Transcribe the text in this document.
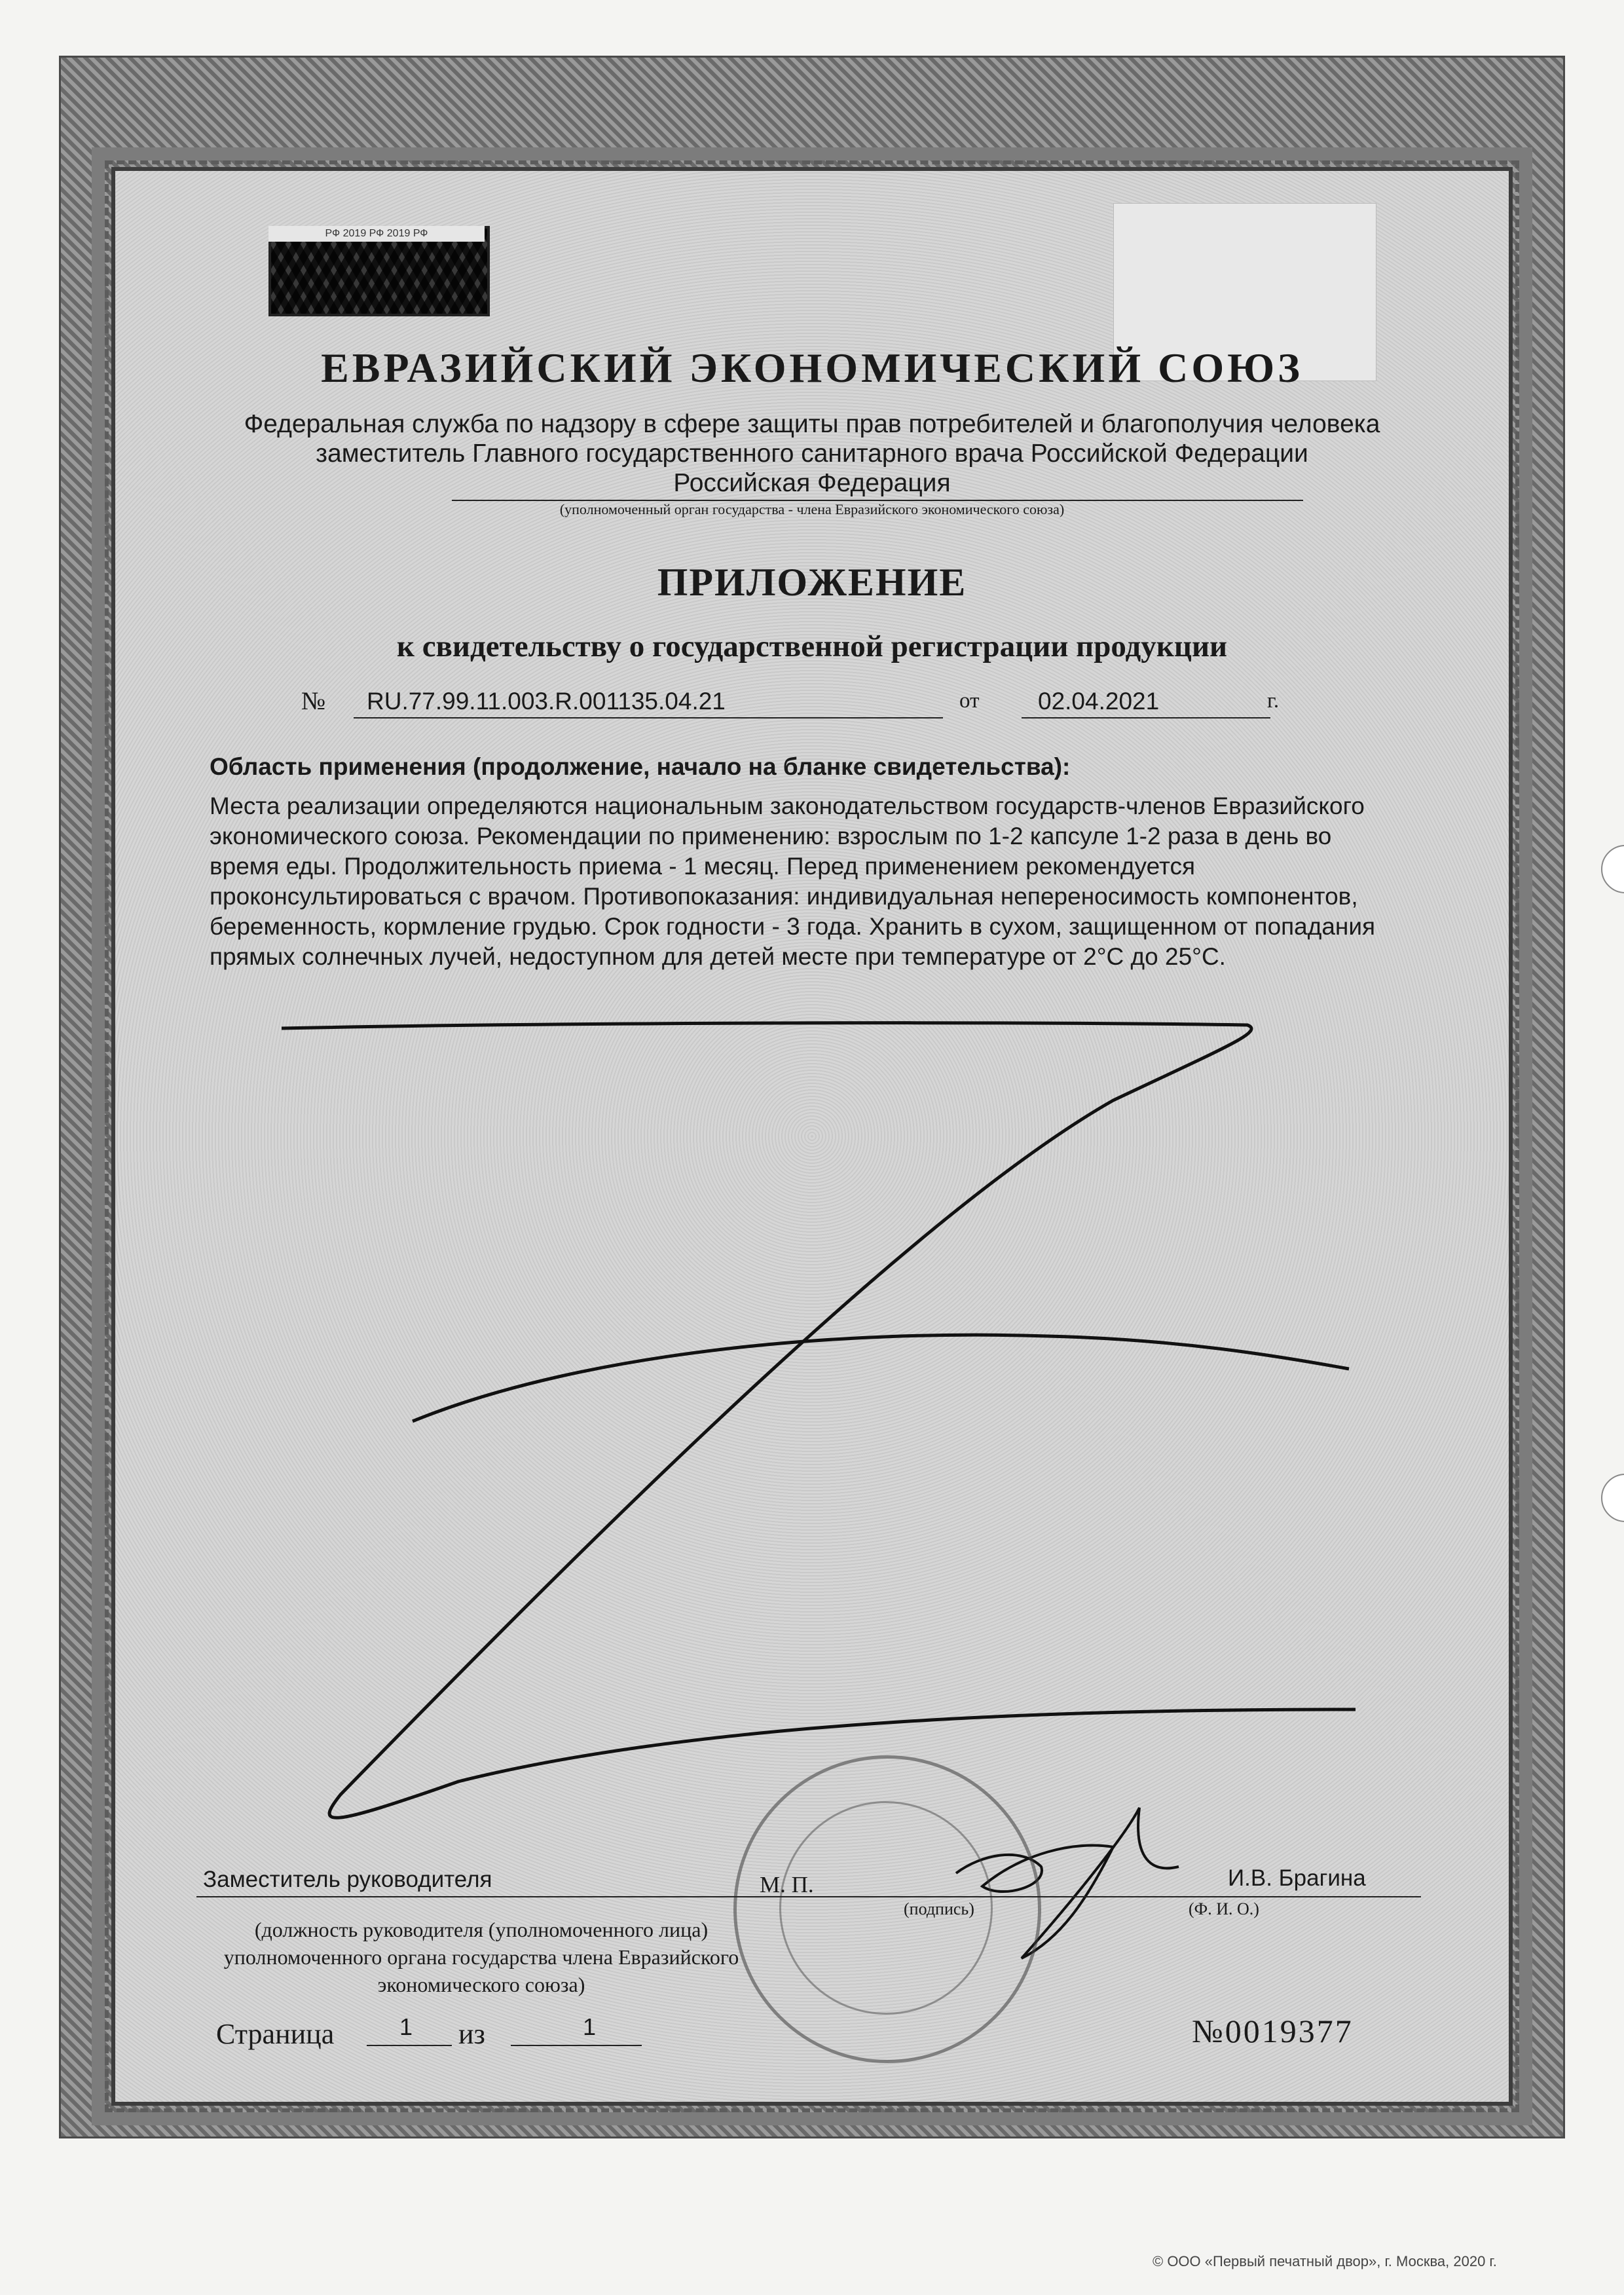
РФ 2019 РФ 2019 РФ
ЕВРАЗИЙСКИЙ ЭКОНОМИЧЕСКИЙ СОЮЗ
Федеральная служба по надзору в сфере защиты прав потребителей и благополучия человека
заместитель Главного государственного санитарного врача Российской Федерации
Российская Федерация
(уполномоченный орган государства - члена Евразийского экономического союза)
ПРИЛОЖЕНИЕ
к свидетельству о государственной регистрации продукции
№ RU.77.99.11.003.R.001135.04.21	от 02.04.2021	г.
Область применения (продолжение, начало на бланке свидетельства):
Места реализации определяются национальным законодательством государств-членов Евразийского экономического союза. Рекомендации по применению: взрослым по 1-2 капсуле 1-2 раза в день во время еды. Продолжительность приема - 1 месяц. Перед применением рекомендуется проконсультироваться с врачом. Противопоказания: индивидуальная непереносимость компонентов, беременность, кормление грудью. Срок годности - 3 года. Хранить в сухом, защищенном от попадания прямых солнечных лучей, недоступном для детей месте при температуре от 2°C до 25°C.
Заместитель руководителя	М. П.
(подпись)
И.В. Брагина
(Ф. И. О.)
(должность руководителя (уполномоченного лица) уполномоченного органа государства члена Евразийского экономического союза)
Страница	1 из	1	№0019377
© ООО «Первый печатный двор», г. Москва, 2020 г.
